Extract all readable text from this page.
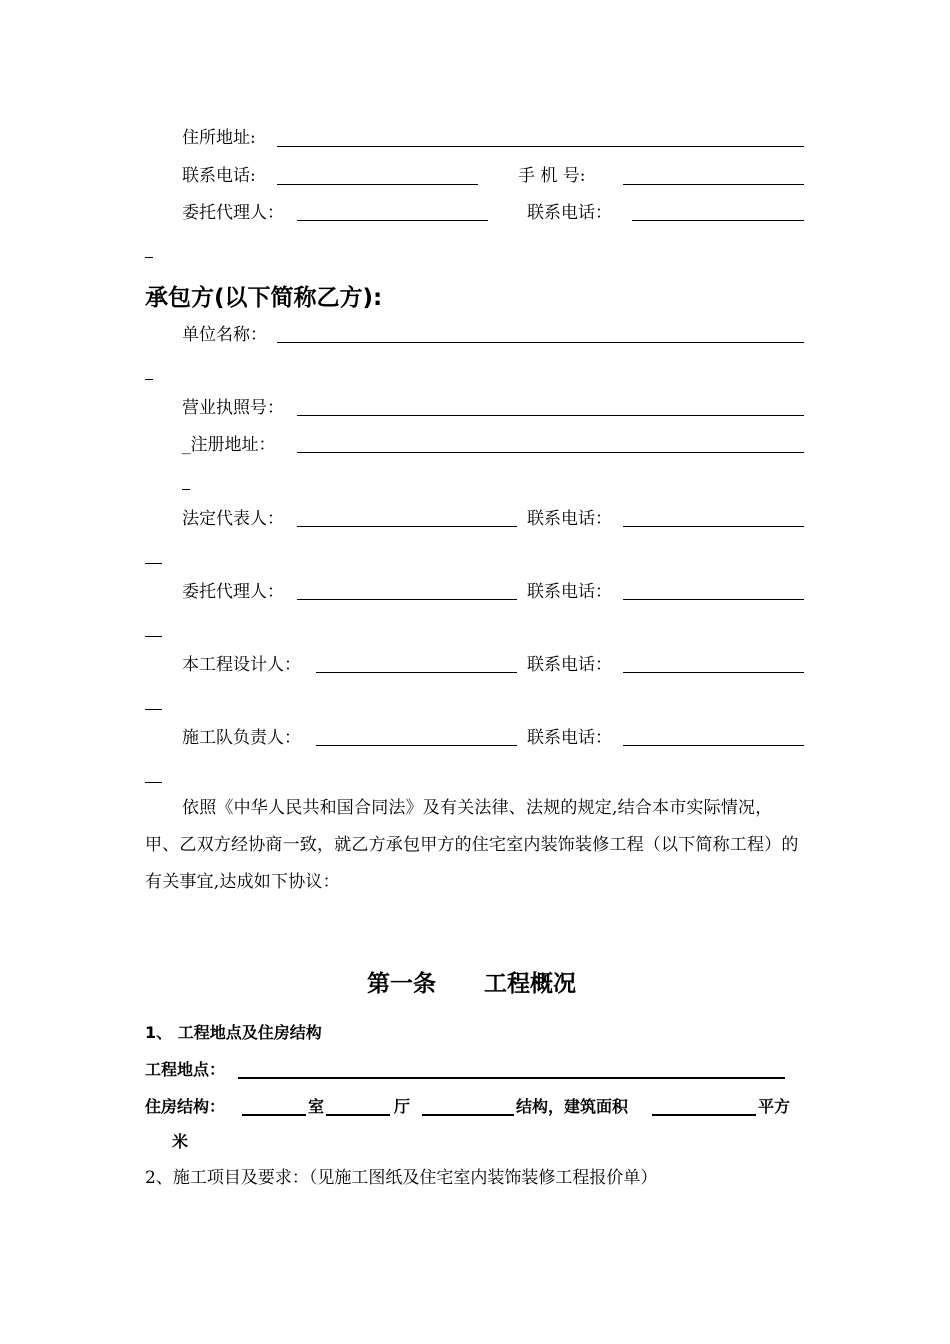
住所地址:
联系电话:	手 机 号:
委托代理人：	联系电话：
承包方(以下简称乙方):
单位名称：
营业执照号：
_注册地址：
法定代表人：	联系电话：
委托代理人：	联系电话：
本工程设计人：	联系电话：
施工队负责人：	联系电话：
依照《中华人民共和国合同法》及有关法律、法规的规定,结合本市实际情况，甲、乙双方经协商一致，就乙方承包甲方的住宅室内装饰装修工程（以下简称工程）的有关事宜,达成如下协议：
第一条      工程概况
1、 工程地点及住房结构
工程地点：
住房结构：	室	厅	结构，建筑面积	平方
米
2、施工项目及要求：（见施工图纸及住宅室内装饰装修工程报价单）
